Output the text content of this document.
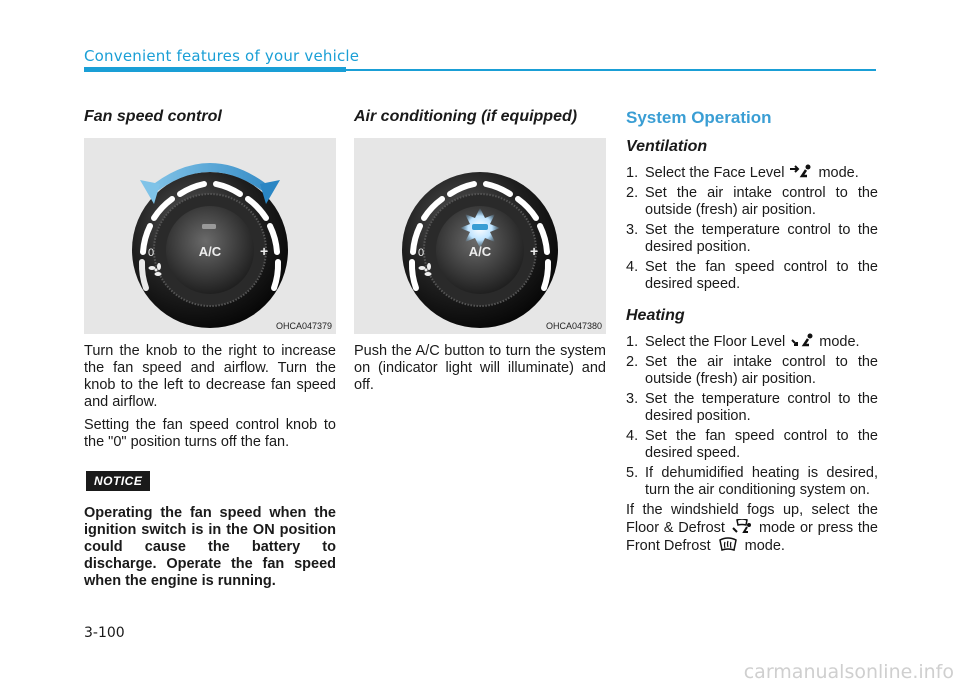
Convenient features of your vehicle
Fan speed control
A/C
0	+
OHCA047379

Turn the knob to the right to increase the fan speed and airflow. Turn the knob to the left to decrease fan speed and airflow.

Setting the fan speed control knob to the "0" position turns off the fan.

NOTICE

Operating the fan speed when the ignition switch is in the ON position could cause the battery to discharge. Operate the fan speed when the engine is running.

Air conditioning (if equipped)
A/C
0	+
OHCA047380

Push the A/C button to turn the system on (indicator light will illuminate) and off.

System Operation
Ventilation
1. Select the Face Level mode.
2. Set the air intake control to the outside (fresh) air position.
3. Set the temperature control to the desired position.
4. Set the fan speed control to the desired speed.
Heating
1. Select the Floor Level mode.
2. Set the air intake control to the outside (fresh) air position.
3. Set the temperature control to the desired position.
4. Set the fan speed control to the desired speed.
5. If dehumidified heating is desired, turn the air conditioning system on.

If the windshield fogs up, select the Floor & Defrost mode or press the Front Defrost mode.

3-100
carmanualsonline.info
